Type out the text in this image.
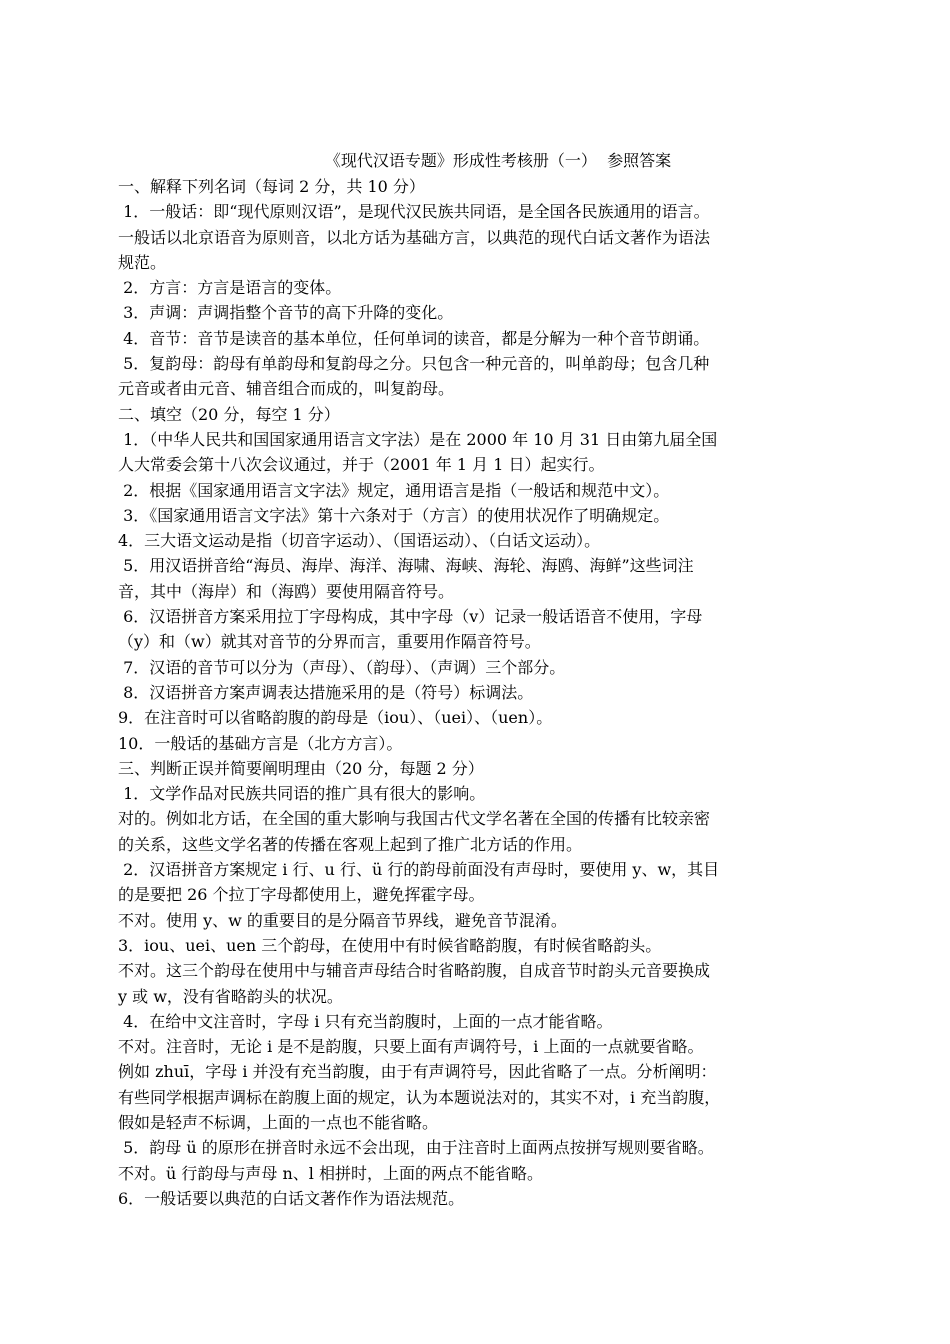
《现代汉语专题》形成性考核册（一）  参照答案
一、解释下列名词（每词 2 分，共 10 分）
1．一般话：即“现代原则汉语”，是现代汉民族共同语，是全国各民族通用的语言。
一般话以北京语音为原则音，以北方话为基础方言，以典范的现代白话文著作为语法
规范。
2．方言：方言是语言的变体。
3．声调：声调指整个音节的高下升降的变化。
4．音节：音节是读音的基本单位，任何单词的读音，都是分解为一种个音节朗诵。
5．复韵母：韵母有单韵母和复韵母之分。只包含一种元音的，叫单韵母；包含几种
元音或者由元音、辅音组合而成的，叫复韵母。
二、填空（20 分，每空 1 分）
1．（中华人民共和国国家通用语言文字法）是在 2000 年 10 月 31 日由第九届全国
人大常委会第十八次会议通过，并于（2001 年 1 月 1 日）起实行。
2．根据《国家通用语言文字法》规定，通用语言是指（一般话和规范中文）。
3．《国家通用语言文字法》第十六条对于（方言）的使用状况作了明确规定。
4．三大语文运动是指（切音字运动）、（国语运动）、（白话文运动）。
5．用汉语拼音给“海员、海岸、海洋、海啸、海峡、海轮、海鸥、海鲜”这些词注
音，其中（海岸）和（海鸥）要使用隔音符号。
6．汉语拼音方案采用拉丁字母构成，其中字母（v）记录一般话语音不使用，字母
（y）和（w）就其对音节的分界而言，重要用作隔音符号。
7．汉语的音节可以分为（声母）、（韵母）、（声调）三个部分。
8．汉语拼音方案声调表达措施采用的是（符号）标调法。
9．在注音时可以省略韵腹的韵母是（iou）、（uei）、（uen）。
10．一般话的基础方言是（北方方言）。
三、判断正误并简要阐明理由（20 分，每题 2 分）
1．文学作品对民族共同语的推广具有很大的影响。
对的。例如北方话，在全国的重大影响与我国古代文学名著在全国的传播有比较亲密
的关系，这些文学名著的传播在客观上起到了推广北方话的作用。
2．汉语拼音方案规定 i 行、u 行、ü 行的韵母前面没有声母时，要使用 y、w，其目
的是要把 26 个拉丁字母都使用上，避免挥霍字母。
不对。使用 y、w 的重要目的是分隔音节界线，避免音节混淆。
3．iou、uei、uen 三个韵母，在使用中有时候省略韵腹，有时候省略韵头。
不对。这三个韵母在使用中与辅音声母结合时省略韵腹，自成音节时韵头元音要换成
y 或 w，没有省略韵头的状况。
4．在给中文注音时，字母 i 只有充当韵腹时，上面的一点才能省略。
不对。注音时，无论 i 是不是韵腹，只要上面有声调符号，i 上面的一点就要省略。
例如 zhuī，字母 i 并没有充当韵腹，由于有声调符号，因此省略了一点。分析阐明：
有些同学根据声调标在韵腹上面的规定，认为本题说法对的，其实不对，i 充当韵腹，
假如是轻声不标调，上面的一点也不能省略。
5．韵母 ü 的原形在拼音时永远不会出现，由于注音时上面两点按拼写规则要省略。
不对。ü 行韵母与声母 n、l 相拼时，上面的两点不能省略。
6．一般话要以典范的白话文著作作为语法规范。
